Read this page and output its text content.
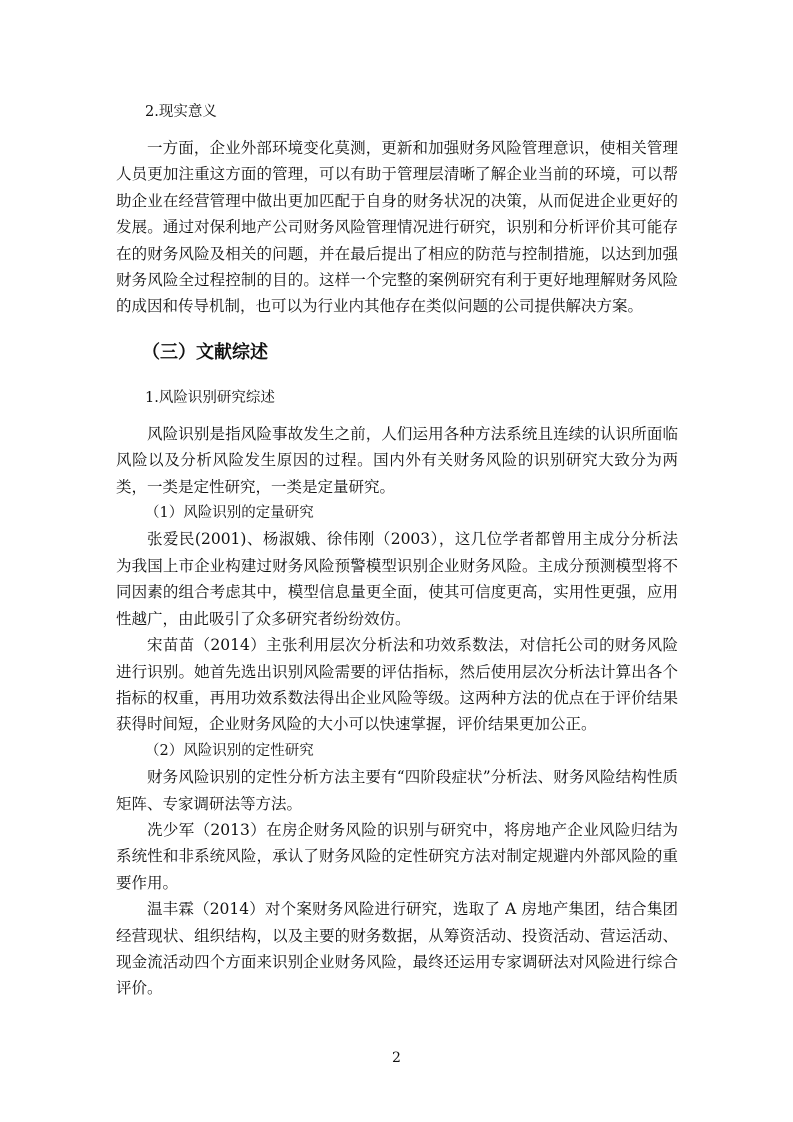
2.现实意义

一方面，企业外部环境变化莫测，更新和加强财务风险管理意识，使相关管理人员更加注重这方面的管理，可以有助于管理层清晰了解企业当前的环境，可以帮助企业在经营管理中做出更加匹配于自身的财务状况的决策，从而促进企业更好的发展。通过对保利地产公司财务风险管理情况进行研究，识别和分析评价其可能存在的财务风险及相关的问题，并在最后提出了相应的防范与控制措施，以达到加强财务风险全过程控制的目的。这样一个完整的案例研究有利于更好地理解财务风险的成因和传导机制，也可以为行业内其他存在类似问题的公司提供解决方案。

（三）文献综述

1.风险识别研究综述

风险识别是指风险事故发生之前，人们运用各种方法系统且连续的认识所面临风险以及分析风险发生原因的过程。国内外有关财务风险的识别研究大致分为两类，一类是定性研究，一类是定量研究。

（1）风险识别的定量研究

张爱民(2001)、杨淑娥、徐伟刚（2003），这几位学者都曾用主成分分析法为我国上市企业构建过财务风险预警模型识别企业财务风险。主成分预测模型将不同因素的组合考虑其中，模型信息量更全面，使其可信度更高，实用性更强，应用性越广，由此吸引了众多研究者纷纷效仿。

宋苗苗（2014）主张利用层次分析法和功效系数法，对信托公司的财务风险进行识别。她首先选出识别风险需要的评估指标，然后使用层次分析法计算出各个指标的权重，再用功效系数法得出企业风险等级。这两种方法的优点在于评价结果获得时间短，企业财务风险的大小可以快速掌握，评价结果更加公正。

（2）风险识别的定性研究

财务风险识别的定性分析方法主要有“四阶段症状”分析法、财务风险结构性质矩阵、专家调研法等方法。

冼少军（2013）在房企财务风险的识别与研究中，将房地产企业风险归结为系统性和非系统风险，承认了财务风险的定性研究方法对制定规避内外部风险的重要作用。

温丰霖（2014）对个案财务风险进行研究，选取了 A 房地产集团，结合集团经营现状、组织结构，以及主要的财务数据，从筹资活动、投资活动、营运活动、现金流活动四个方面来识别企业财务风险，最终还运用专家调研法对风险进行综合评价。

2
